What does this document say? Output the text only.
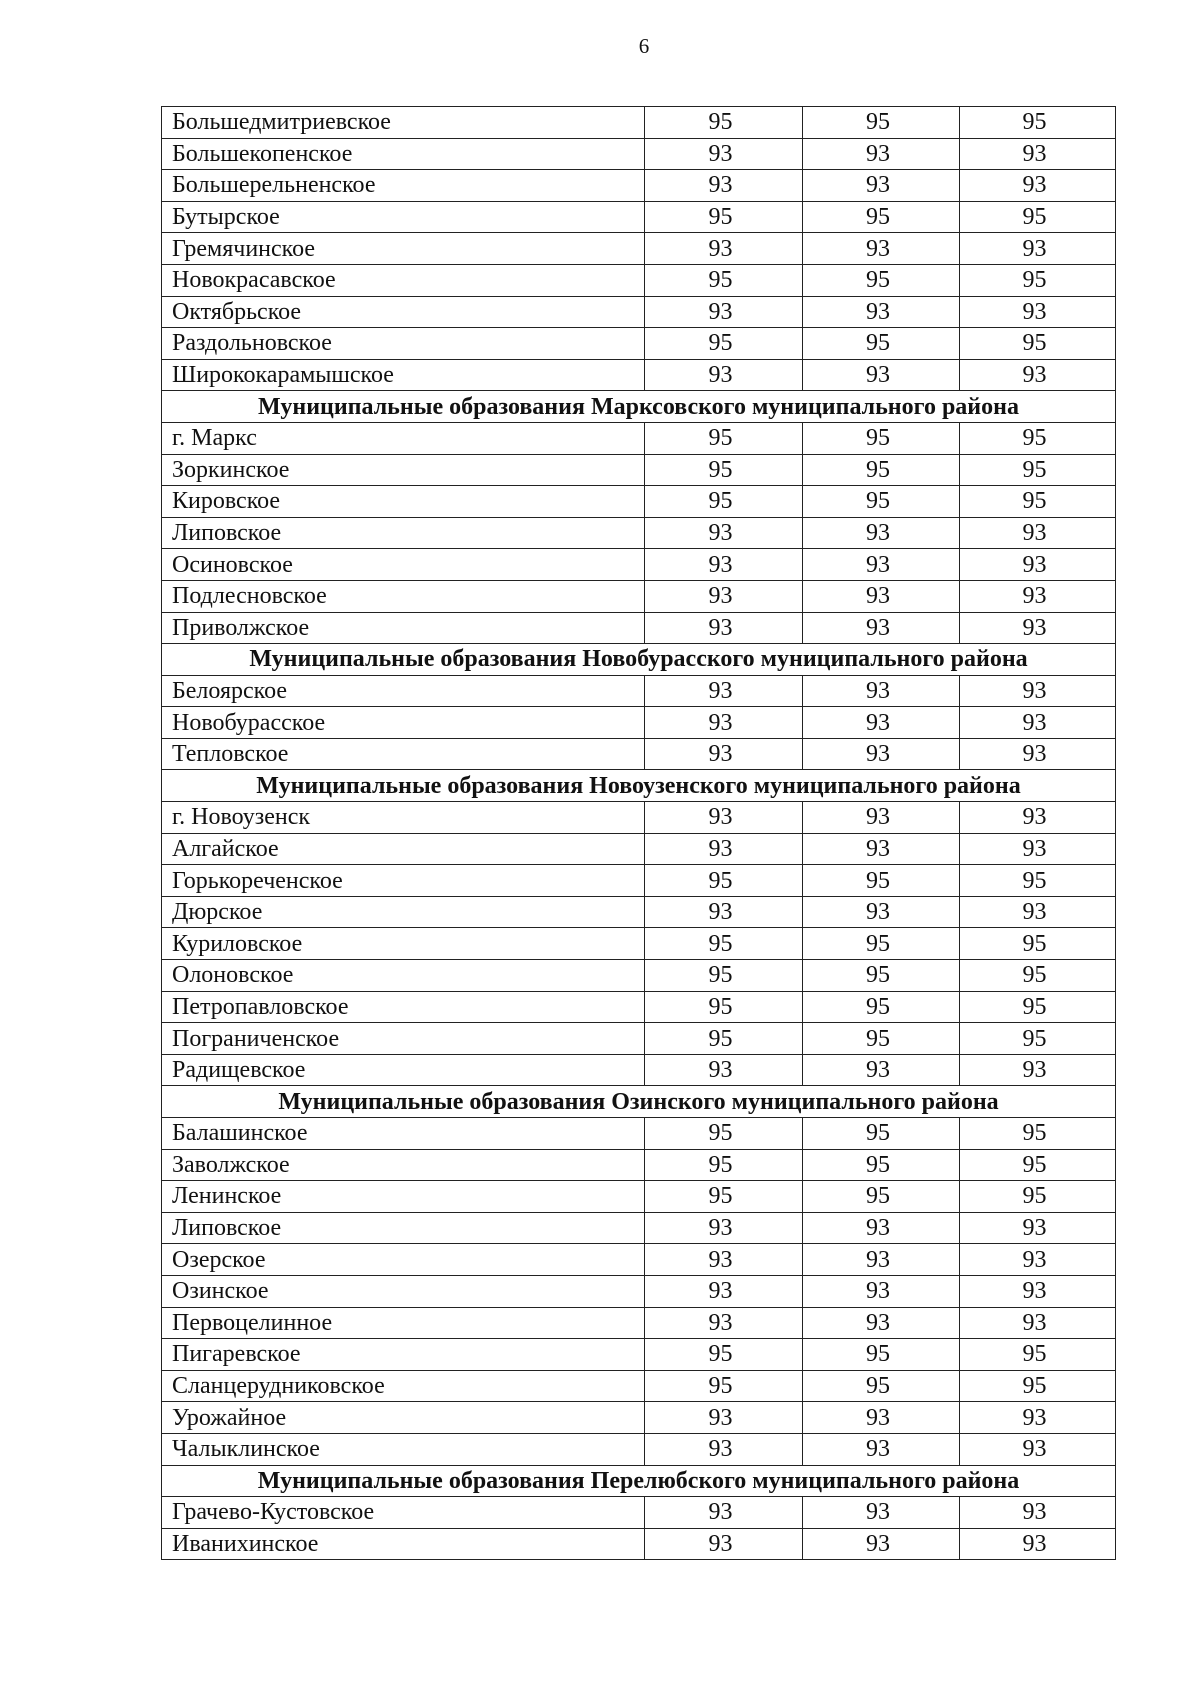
6
Большедмитриевское	95	95	95
Большекопенское	93	93	93
Большерельненское	93	93	93
Бутырское	95	95	95
Гремячинское	93	93	93
Новокрасавское	95	95	95
Октябрьское	93	93	93
Раздольновское	95	95	95
Ширококарамышское	93	93	93
Муниципальные образования Марксовского муниципального района			
г. Маркс	95	95	95
Зоркинское	95	95	95
Кировское	95	95	95
Липовское	93	93	93
Осиновское	93	93	93
Подлесновское	93	93	93
Приволжское	93	93	93
Муниципальные образования Новобурасского муниципального района			
Белоярское	93	93	93
Новобурасское	93	93	93
Тепловское	93	93	93
Муниципальные образования Новоузенского муниципального района			
г. Новоузенск	93	93	93
Алгайское	93	93	93
Горькореченское	95	95	95
Дюрское	93	93	93
Куриловское	95	95	95
Олоновское	95	95	95
Петропавловское	95	95	95
Пограниченское	95	95	95
Радищевское	93	93	93
Муниципальные образования Озинского муниципального района			
Балашинское	95	95	95
Заволжское	95	95	95
Ленинское	95	95	95
Липовское	93	93	93
Озерское	93	93	93
Озинское	93	93	93
Первоцелинное	93	93	93
Пигаревское	95	95	95
Сланцерудниковское	95	95	95
Урожайное	93	93	93
Чалыклинское	93	93	93
Муниципальные образования Перелюбского муниципального района			
Грачево-Кустовское	93	93	93
Иванихинское	93	93	93
